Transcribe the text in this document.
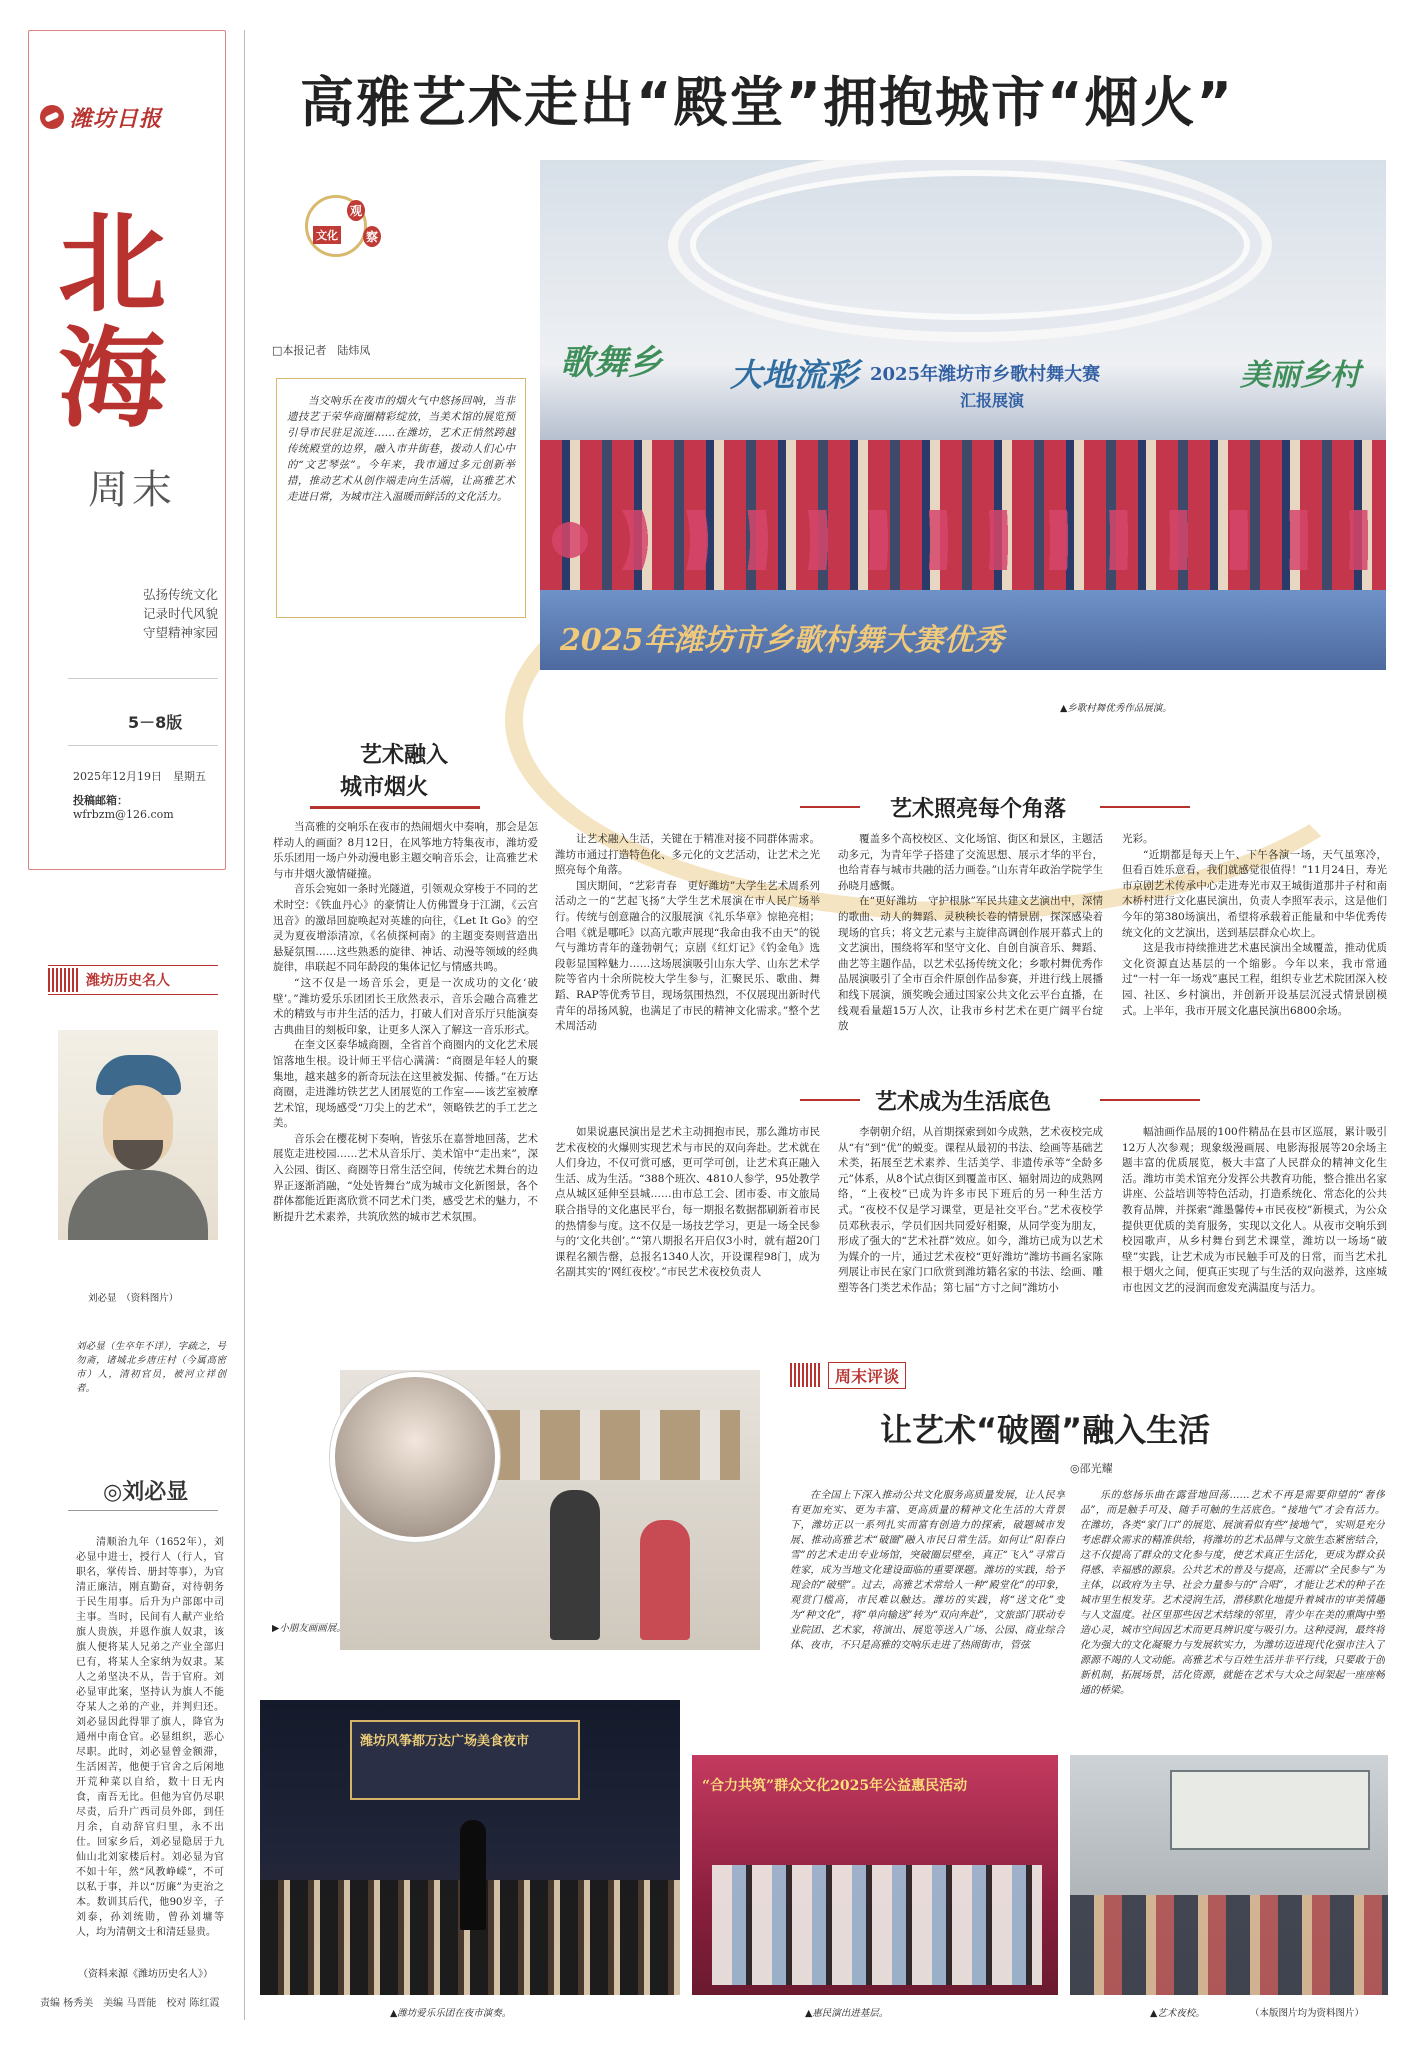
潍坊日报
北
海
周末
弘扬传统文化
记录时代风貌
守望精神家园
5－8版
2025年12月19日　星期五
投稿邮箱：wfrbzm@126.com
潍坊历史名人
刘必显　（资料图片）
刘必显（生卒年不详），字疏之，号勿斋，诸城北乡唐庄村（今属高密市）人，清初官员，被河立祥创者。
◎刘必显
清顺治九年（1652年），刘必显中进士，授行人（行人，官职名，掌传旨、册封等事），为官清正廉洁，刚直勤奋，对待朝务于民生用事。后升为户部郎中司主事。当时，民间有人献产业给旗人贵族，并恩作旗人奴隶，该旗人便将某人兄弟之产业全部归已有，将某人全家纳为奴隶。某人之弟坚决不从，告于官府。刘必显审此案，坚持认为旗人不能夺某人之弟的产业，并判归还。刘必显因此得罪了旗人，降官为通州中南仓官。必显组织，恶心尽职。此时，刘必显曾金额滞，生活困苦，他便于官舍之后闲地开荒种菜以自给，数十日无内食，南吾无比。但他为官仍尽职尽责，后升广西司员外郎，到任月余，自动辞官归里，永不出仕。回家乡后，刘必显隐居于九仙山北刘家楼后村。刘必显为官不如十年，然“风教峥嵘”，不可以私于事，并以“厉廉”为吏治之本。数训其后代，他90岁辛，子刘泰，孙刘统勋，曾孙刘墉等人，均为清朝文士和清廷显贵。
（资料来源《潍坊历史名人》）
责编 杨秀美　美编 马晋能　校对 陈红霞
高雅艺术走出“殿堂”拥抱城市“烟火”
文化
观
察
□本报记者　陆炜凤
当交响乐在夜市的烟火气中悠扬回响，当非遗技艺于荣华商圈精彩绽放，当美术馆的展览预引导市民驻足流连……在潍坊，艺术正悄然跨越传统殿堂的边界，融入市井街巷，拨动人们心中的“文艺琴弦”。今年来，我市通过多元创新举措，推动艺术从创作端走向生活端，让高雅艺术走进日常，为城市注入温暖而鲜活的文化活力。
歌舞乡 大地流彩 2025年潍坊市乡歌村舞大赛
汇报展演
美丽乡村
2025年潍坊市乡歌村舞大赛优秀
▲乡歌村舞优秀作品展演。
艺术融入
城市烟火

当高雅的交响乐在夜市的热闹烟火中奏响，那会是怎样动人的画面？8月12日，在风筝地方特集夜市，潍坊爱乐乐团用一场户外动漫电影主题交响音乐会，让高雅艺术与市井烟火激情碰撞。

音乐会宛如一条时光隧道，引领观众穿梭于不同的艺术时空：《铁血丹心》的豪情让人仿佛置身于江湖，《云宫迅音》的激昂回旋唤起对英雄的向往，《Let It Go》的空灵为夏夜增添清凉，《名侦探柯南》的主题变奏则营造出悬疑氛围……这些熟悉的旋律、神话、动漫等领域的经典旋律，串联起不同年龄段的集体记忆与情感共鸣。

“这不仅是一场音乐会，更是一次成功的文化‘破壁’。”潍坊爱乐乐团团长王欣然表示，音乐会融合高雅艺术的精致与市井生活的活力，打破人们对音乐厅只能演奏古典曲目的刻板印象，让更多人深入了解这一音乐形式。

在奎文区泰华城商圈，全省首个商圈内的文化艺术展馆落地生根。设计师王平信心满满：“商圈是年轻人的聚集地，越来越多的新奇玩法在这里被发掘、传播。”在万达商圈，走进潍坊铁艺艺人团展览的工作室——该艺室被摩艺术馆，现场感受“刀尖上的艺术”，领略铁艺的手工艺之美。

音乐会在樱花树下奏响，皆弦乐在嘉誉地回荡，艺术展览走进校园……艺术从音乐厅、美术馆中“走出来”，深入公园、街区、商圈等日常生活空间，传统艺术舞台的边界正逐渐消融，“处处皆舞台”成为城市文化新图景，各个群体都能近距离欣赏不同艺术门类，感受艺术的魅力，不断提升艺术素养，共筑欣然的城市艺术氛围。

让艺术融入生活，关键在于精准对接不同群体需求。潍坊市通过打造特色化、多元化的文艺活动，让艺术之光照亮每个角落。

国庆期间，“艺彩青春　更好潍坊”大学生艺术周系列活动之一的“艺起飞扬”大学生艺术展演在市人民广场举行。传统与创意融合的汉服展演《礼乐华章》惊艳亮相；合唱《就是哪吒》以高亢歌声展现“我命由我不由天”的锐气与潍坊青年的蓬勃朝气；京剧《红灯记》《钓金龟》选段彰显国粹魅力……这场展演吸引山东大学、山东艺术学院等省内十余所院校大学生参与，汇聚民乐、歌曲、舞蹈、RAP等优秀节目，现场氛围热烈，不仅展现出新时代青年的昂扬风貌，也满足了市民的精神文化需求。”整个艺术周活动

艺术照亮每个角落

覆盖多个高校校区、文化场馆、街区和景区，主题活动多元，为青年学子搭建了交流思想、展示才华的平台，也给青春与城市共融的活力画卷。”山东青年政治学院学生孙晓月感慨。

在“更好潍坊　守护根脉”军民共建文艺演出中，深情的歌曲、动人的舞蹈、灵秧秧长卷的情景剧，探深感染着现场的官兵；将文艺元素与主旋律高调创作展开慕式上的文艺演出，围绕将军和坚守文化、自创自演音乐、舞蹈、曲艺等主题作品，以艺术弘扬传统文化；乡歌村舞优秀作品展演吸引了全市百余件原创作品参赛，并进行线上展播和线下展演，颁奖晚会通过国家公共文化云平台直播，在线观看量超15万人次，让我市乡村艺术在更广阔平台绽放

光彩。

“近期都是每天上午、下午各演一场，天气虽寒冷，但看百姓乐意看，我们就感觉很值得！”11月24日，寿光市京剧艺术传承中心走进寿光市双王城街道那井子村和南木桥村进行文化惠民演出，负责人李照军表示，这是他们今年的第380场演出，希望将承载着正能量和中华优秀传统文化的文艺演出，送到基层群众心坎上。

这是我市持续推进艺术惠民演出全域覆盖，推动优质文化资源直达基层的一个缩影。今年以来，我市常通过“一村一年一场戏”惠民工程，组织专业艺术院团深入校园、社区、乡村演出，并创新开设基层沉浸式情景剧模式。上半年，我市开展文化惠民演出6800余场。

艺术成为生活底色
如果说惠民演出是艺术主动拥抱市民，那么潍坊市民艺术夜校的火爆则实现艺术与市民的双向奔赴。艺术就在人们身边，不仅可赏可感，更可学可创，让艺术真正融入生活、成为生活。“388个班次、4810人参学，95处教学点从城区延伸至县城……由市总工会、团市委、市文旅局联合指导的文化惠民平台，每一期报名数据都刷新着市民的热情参与度。这不仅是一场技艺学习，更是一场全民参与的‘文化共创’。”“第八期报名开启仅3小时，就有超20门课程名额告罄，总报名1340人次，开设课程98门，成为名副其实的‘网红夜校’。”市民艺术夜校负责人
李朝朝介绍，从首期探索到如今成熟，艺术夜校完成从“有”到“优”的蜕变。课程从最初的书法、绘画等基础艺术类，拓展至艺术素养、生活美学、非遗传承等“全龄多元”体系，从8个试点街区到覆盖市区、辐射周边的成熟网络，“上夜校”已成为许多市民下班后的另一种生活方式。“夜校不仅是学习课堂，更是社交平台。”艺术夜校学员邓秋表示，学员们因共同爱好相聚，从同学变为朋友，形成了强大的“艺术社群”效应。如今，潍坊已成为以艺术为媒介的一片，通过艺术夜校“更好潍坊”潍坊书画名家陈列展让市民在家门口欣赏到潍坊籍名家的书法、绘画、雕塑等各门类艺术作品；第七届“方寸之间”潍坊小
幅油画作品展的100件精品在县市区巡展，累计吸引12万人次参观；现象级漫画展、电影海报展等20余场主题丰富的优质展览，极大丰富了人民群众的精神文化生活。潍坊市美术馆充分发挥公共教育功能，整合推出名家讲座、公益培训等特色活动，打造系统化、常态化的公共教育品牌，并探索“潍墨馨传+市民夜校”新模式，为公众提供更优质的美育服务，实现以文化人。从夜市交响乐到校园歌声，从乡村舞台到艺术课堂，潍坊以一场场“破壁”实践，让艺术成为市民触手可及的日常，而当艺术扎根于烟火之间，便真正实现了与生活的双向滋养，这座城市也因文艺的浸润而愈发充满温度与活力。
▶小朋友画画展。
周末评谈
让艺术“破圈”融入生活
◎邵光耀
在全国上下深入推动公共文化服务高质量发展，让人民享有更加充实、更为丰富、更高质量的精神文化生活的大背景下，潍坊正以一系列扎实而富有创造力的探索，破题城市发展、推动高雅艺术“破圈”融入市民日常生活。如何让“阳春白雪”的艺术走出专业场馆，突破圈层壁垒，真正“飞入”寻常百姓家，成为当地文化建设面临的重要课题。潍坊的实践，给予现会的“破壁”。过去，高雅艺术常给人一种“殿堂化”的印象，观赏门槛高，市民难以触达。潍坊的实践，将“送文化”变为“种文化”，将“单向输送”转为“双向奔赴”，文旅部门联动专业院团、艺术家，将演出、展览等送入广场、公园、商业综合体、夜市，不只是高雅的交响乐走进了热闹街市，管弦
乐的悠扬乐曲在露营地回荡……艺术不再是需要仰望的“奢侈品”，而是触手可及、随手可触的生活底色。“接地气”才会有活力。在潍坊，各类“家门口”的展览、展演看似有些“接地气”，实则是充分考虑群众需求的精准供给，将潍坊的艺术品牌与文旅生态紧密结合，这不仅提高了群众的文化参与度，使艺术真正生活化，更成为群众获得感、幸福感的源泉。公共艺术的普及与提高，还需以“全民参与”为主体，以政府为主导、社会力量参与的“合唱”，才能让艺术的种子在城市里生根发芽。艺术浸润生活，潜移默化地提升着城市的审美情趣与人文温度。社区里那些因艺术结缘的邻里，青少年在美的熏陶中塑造心灵，城市空间因艺术而更具辨识度与吸引力。这种浸润，最终将化为强大的文化凝聚力与发展软实力，为潍坊迈进现代化强市注入了源源不竭的人文动能。高雅艺术与百姓生活并非平行线，只要敢于创新机制，拓展场景，活化资源，就能在艺术与大众之间架起一座座畅通的桥梁。
潍坊风筝都万达广场美食夜市
▲潍坊爱乐乐团在夜市演奏。
“合力共筑”群众文化2025年公益惠民活动
▲惠民演出进基层。	▲艺术夜校。	（本版图片均为资料图片）
